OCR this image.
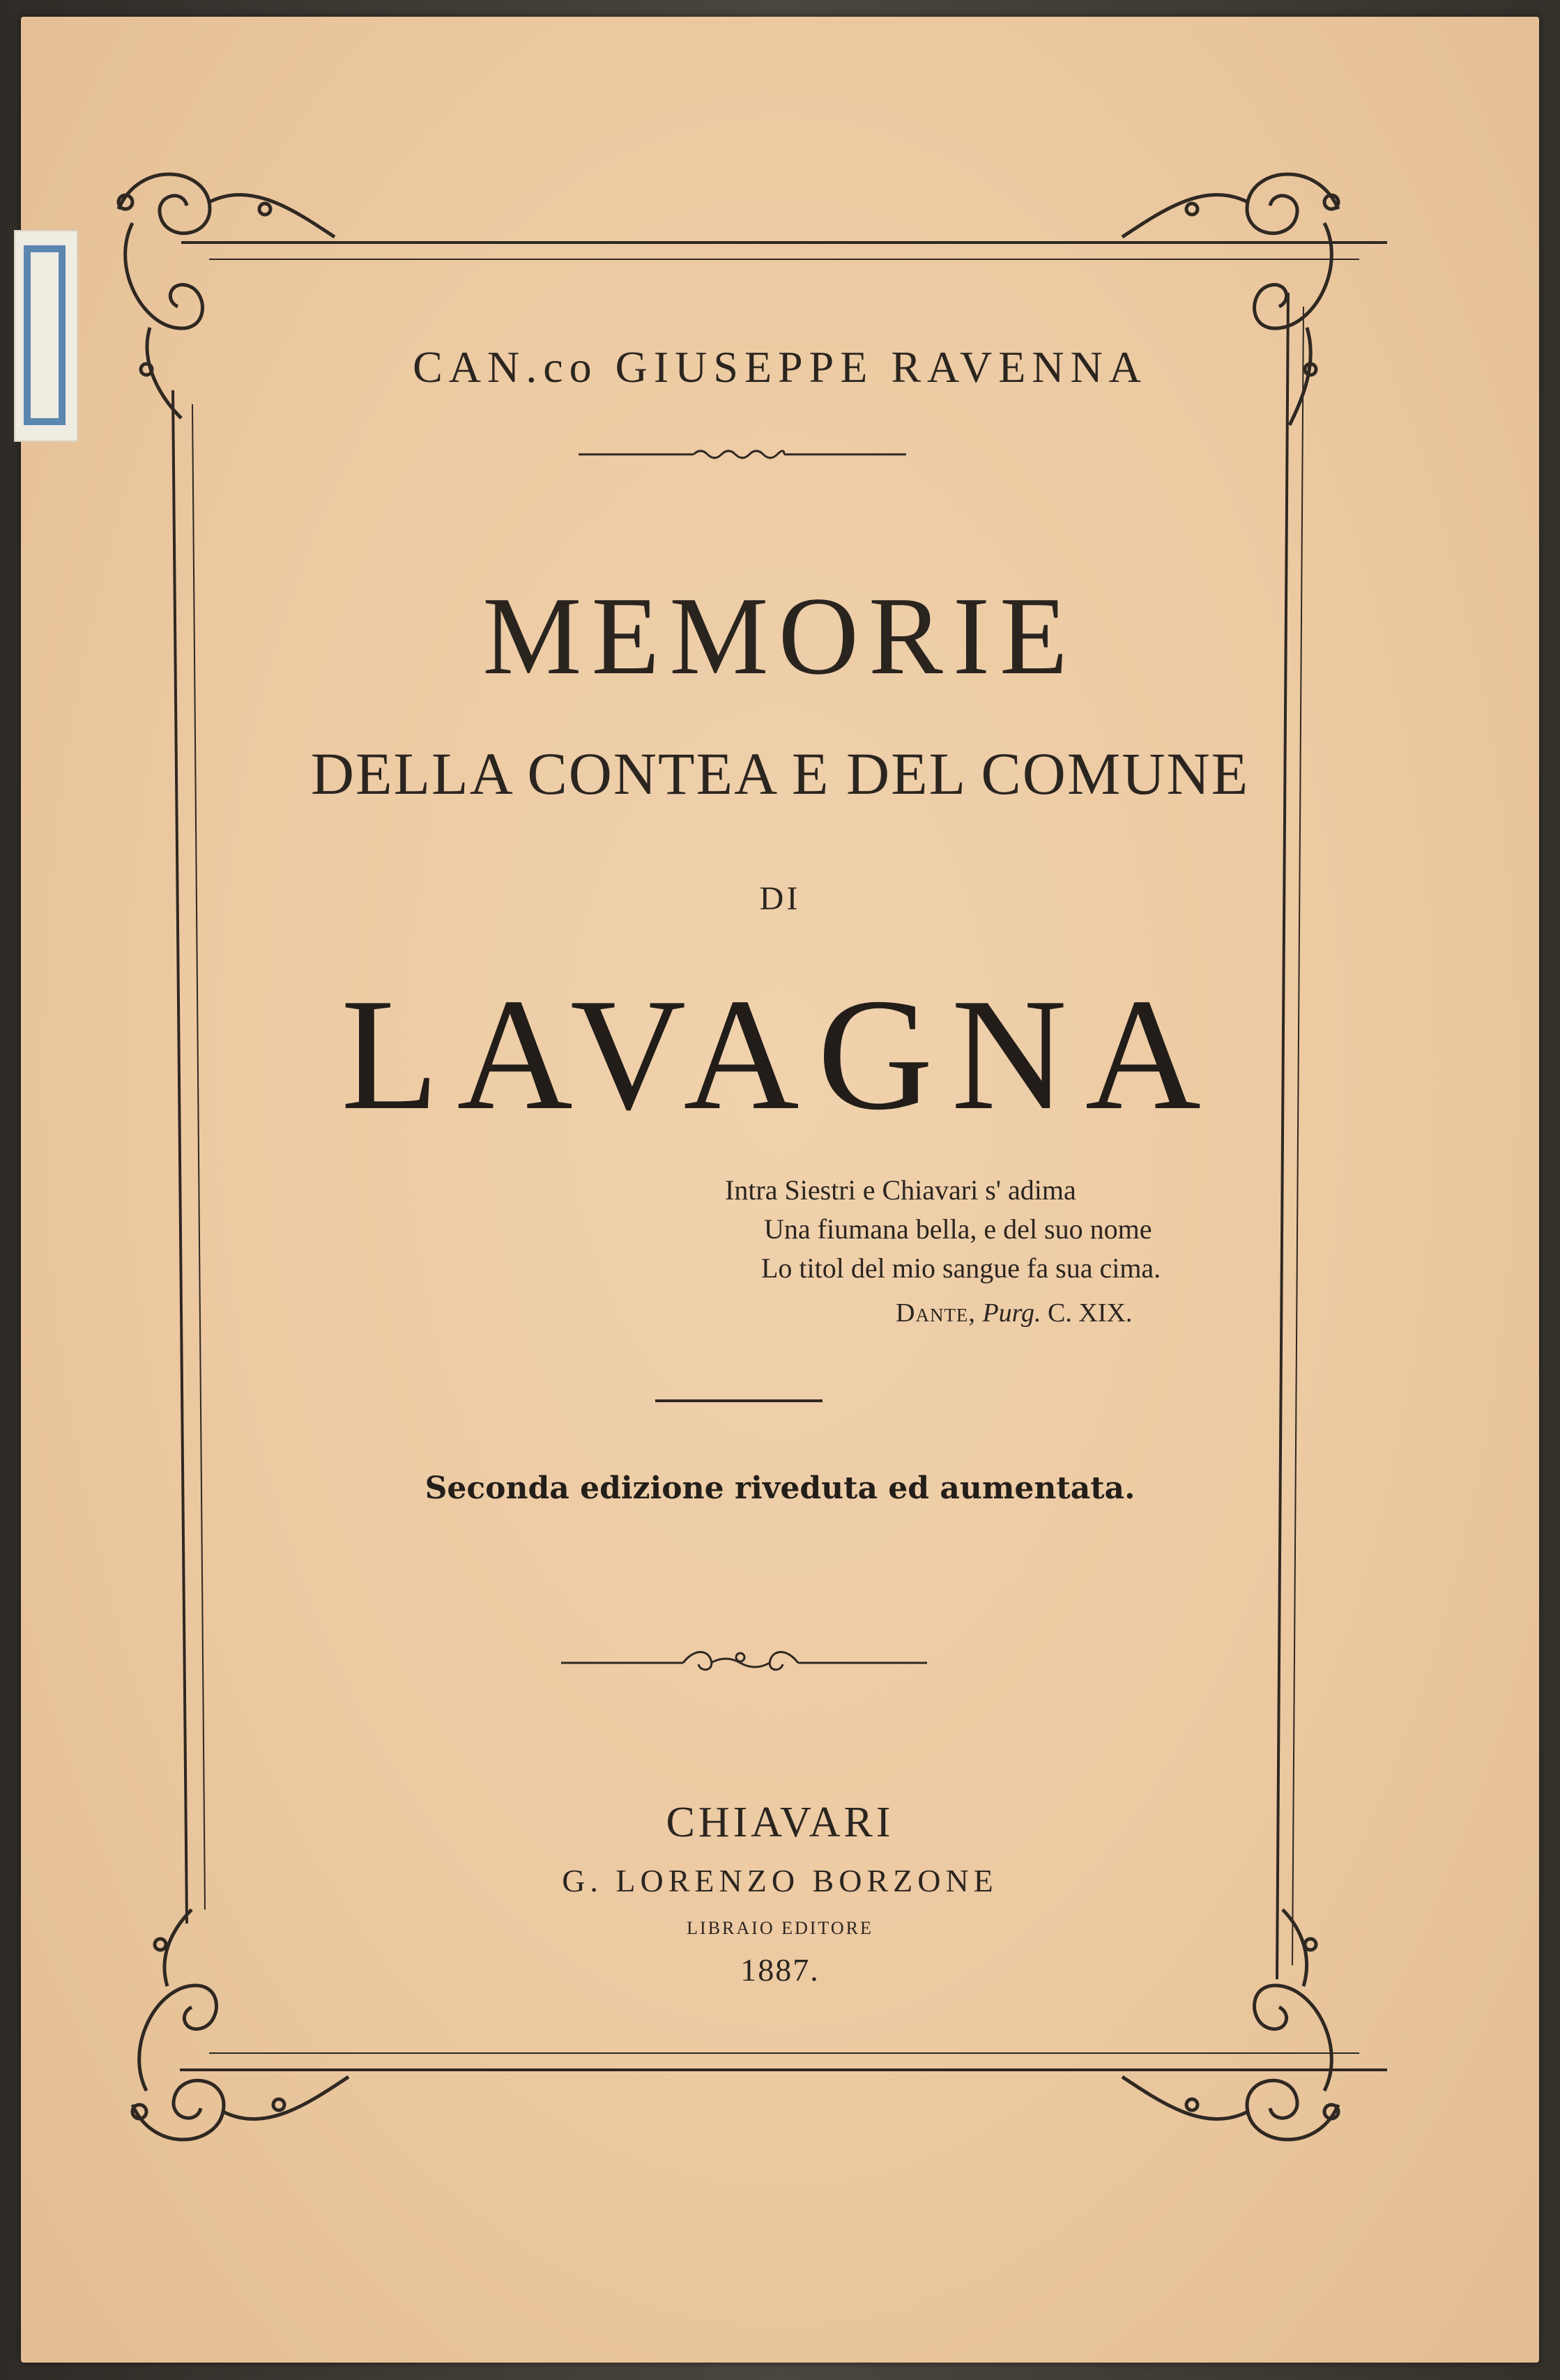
CAN.co GIUSEPPE RAVENNA
MEMORIE
DELLA CONTEA E DEL COMUNE
DI
LAVAGNA
Intra Siestri e Chiavari s' adima
Una fiumana bella, e del suo nome
Lo titol del mio sangue fa sua cima.
Dante, Purg. C. XIX.
Seconda edizione riveduta ed aumentata.
CHIAVARI
G. LORENZO BORZONE
LIBRAIO EDITORE
1887.
